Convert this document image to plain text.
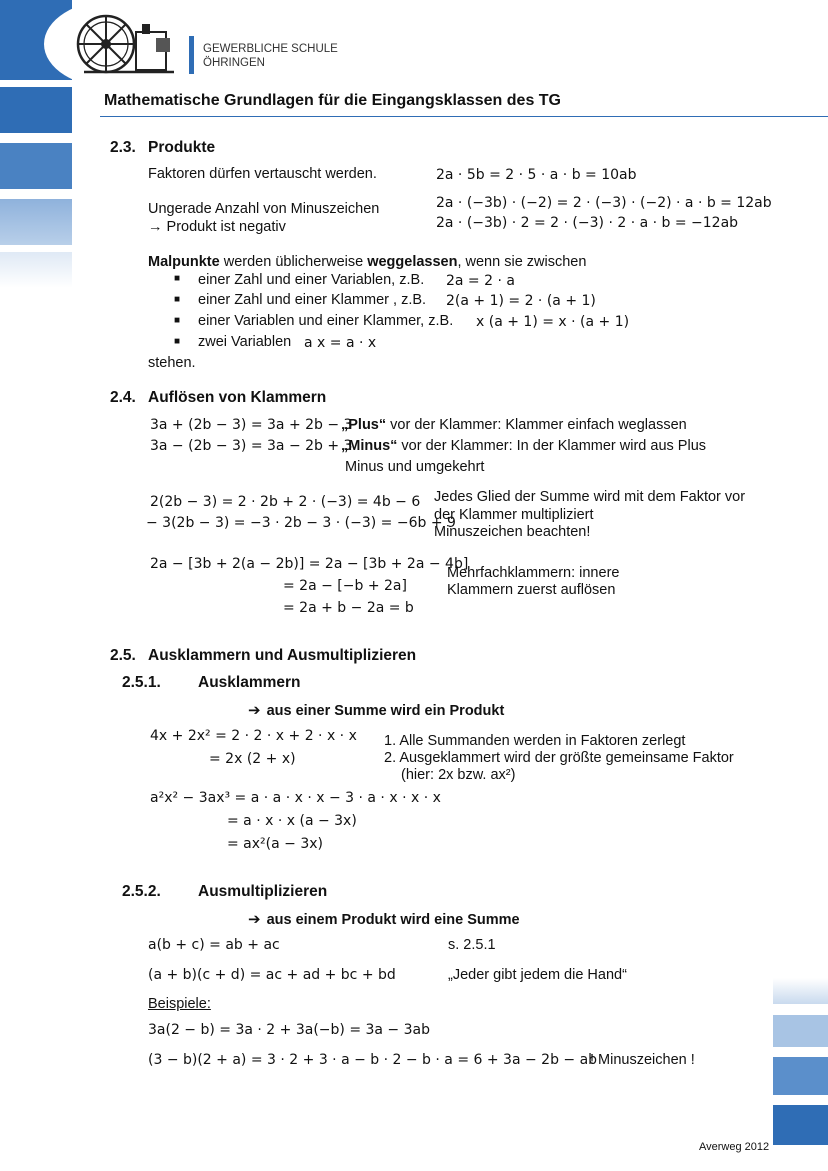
GEWERBLICHE SCHULE
ÖHRINGEN
Mathematische Grundlagen für die Eingangsklassen des TG
2.3. Produkte
Faktoren dürfen vertauscht werden.	2a · 5b = 2 · 5 · a · b = 10ab
Ungerade Anzahl von Minuszeichen
→ Produkt ist negativ
2a · (−3b) · (−2) = 2 · (−3) · (−2) · a · b = 12ab
2a · (−3b) · 2 = 2 · (−3) · 2 · a · b = −12ab
Malpunkte werden üblicherweise weggelassen, wenn sie zwischen
■ einer Zahl und einer Variablen, z.B. 2a = 2 · a
■ einer Zahl und einer Klammer , z.B. 2(a + 1) = 2 · (a + 1)
■ einer Variablen und einer Klammer, z.B. x (a + 1) = x · (a + 1)
■ zwei Variablen a x = a · x
stehen.
2.4. Auflösen von Klammern
3a + (2b − 3) = 3a + 2b − 3
„Plus“ vor der Klammer: Klammer einfach weglassen
3a − (2b − 3) = 3a − 2b + 3
„Minus“ vor der Klammer: In der Klammer wird aus Plus
Minus und umgekehrt
2(2b − 3) = 2 · 2b + 2 · (−3) = 4b − 6
− 3(2b − 3) = −3 · 2b − 3 · (−3) = −6b + 9
Jedes Glied der Summe wird mit dem Faktor vor
der Klammer multipliziert
Minuszeichen beachten!
2a − [3b + 2(a − 2b)] = 2a − [3b + 2a − 4b]
= 2a − [−b + 2a]
= 2a + b − 2a = b
Mehrfachklammern: innere
Klammern zuerst auflösen
2.5. Ausklammern und Ausmultiplizieren
2.5.1. Ausklammern
➔ aus einer Summe wird ein Produkt
4x + 2x² = 2 · 2 · x + 2 · x · x
= 2x (2 + x)
1. Alle Summanden werden in Faktoren zerlegt
2. Ausgeklammert wird der größte gemeinsame Faktor
(hier: 2x bzw. ax²)
a²x² − 3ax³ = a · a · x · x − 3 · a · x · x · x
= a · x · x (a − 3x)
= ax²(a − 3x)
2.5.2. Ausmultiplizieren
➔ aus einem Produkt wird eine Summe
a(b + c) = ab + ac	s. 2.5.1
(a + b)(c + d) = ac + ad + bc + bd	„Jeder gibt jedem die Hand“
Beispiele:
3a(2 − b) = 3a · 2 + 3a(−b) = 3a − 3ab
(3 − b)(2 + a) = 3 · 2 + 3 · a − b · 2 − b · a = 6 + 3a − 2b − ab
! Minuszeichen !
Averweg 2012
